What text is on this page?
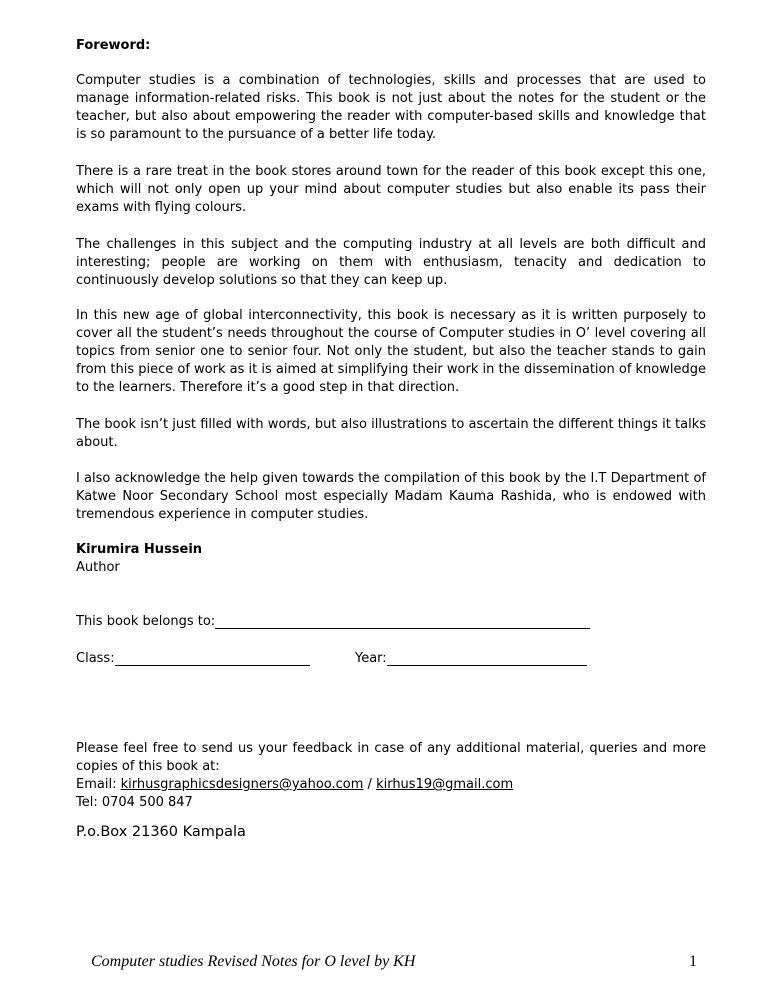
Foreword:
Computer studies is a combination of technologies, skills and processes that are used to manage information-related risks. This book is not just about the notes for the student or the teacher, but also about empowering the reader with computer-based skills and knowledge that is so paramount to the pursuance of a better life today.
There is a rare treat in the book stores around town for the reader of this book except this one, which will not only open up your mind about computer studies but also enable its pass their exams with flying colours.
The challenges in this subject and the computing industry at all levels are both difficult and interesting; people are working on them with enthusiasm, tenacity and dedication to continuously develop solutions so that they can keep up.
In this new age of global interconnectivity, this book is necessary as it is written purposely to cover all the student’s needs throughout the course of Computer studies in O’ level covering all topics from senior one to senior four. Not only the student, but also the teacher stands to gain from this piece of work as it is aimed at simplifying their work in the dissemination of knowledge to the learners. Therefore it’s a good step in that direction.
The book isn’t just filled with words, but also illustrations to ascertain the different things it talks about.
I also acknowledge the help given towards the compilation of this book by the I.T Department of Katwe Noor Secondary School most especially Madam Kauma Rashida, who is endowed with tremendous experience in computer studies.
Kirumira Hussein
Author
This book belongs to:
Class:	Year:
Please feel free to send us your feedback in case of any additional material, queries and more copies of this book at:
Email: kirhusgraphicsdesigners@yahoo.com / kirhus19@gmail.com
Tel: 0704 500 847
P.o.Box 21360 Kampala
Computer studies Revised Notes for O level by KH	1
